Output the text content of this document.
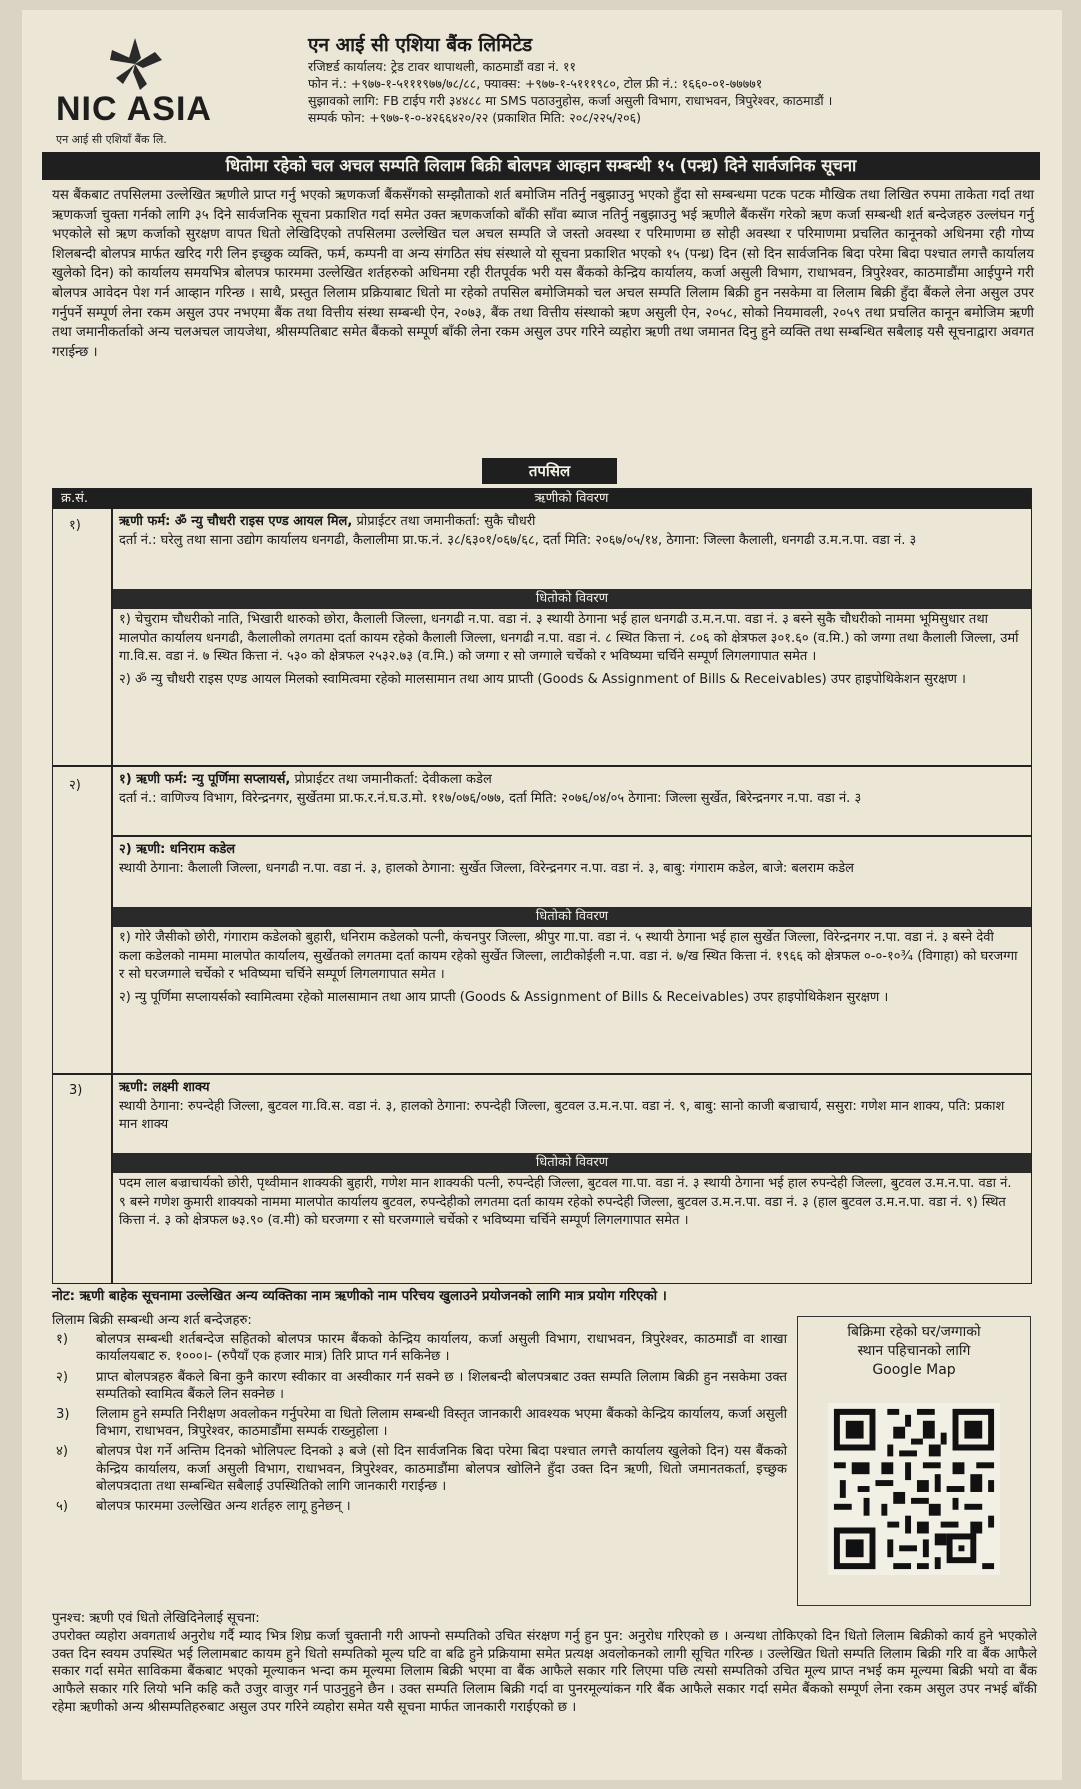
NIC ASIA
एन आई सी एशियाँ बैंक लि.
एन आई सी एशिया बैंक लिमिटेड
रजिष्टर्ड कार्यालय: ट्रेड टावर थापाथली, काठमाडौं वडा नं. ११
फोन नं.: +९७७-१-५१११९७७/७८/८८, फ्याक्स: +९७७-१-५१११९८०, टोल फ्री नं.: १६६०-०१-७७७७१
सुझावको लागि: FB टाईप गरी ३४४८८ मा SMS पठाउनुहोस, कर्जा असुली विभाग, राधाभवन, त्रिपुरेश्वर, काठमाडौं ।
सम्पर्क फोन: +९७७-१-०-४२६६४२०/२२ (प्रकाशित मिति: २०८/२२५/२०६)
धितोमा रहेको चल अचल सम्पति लिलाम बिक्री बोलपत्र आव्हान सम्बन्धी १५ (पन्ध्र) दिने सार्वजनिक सूचना
यस बैंकबाट तपसिलमा उल्लेखित ऋणीले प्राप्त गर्नु भएको ऋणकर्जा बैंकसँगको सम्झौताको शर्त बमोजिम नतिर्नु नबुझाउनु भएको हुँदा सो सम्बन्धमा पटक पटक मौखिक तथा लिखित रुपमा ताकेता गर्दा तथा ऋणकर्जा चुक्ता गर्नको लागि ३५ दिने सार्वजनिक सूचना प्रकाशित गर्दा समेत उक्त ऋणकर्जाको बाँकी साँवा ब्याज नतिर्नु नबुझाउनु भई ऋणीले बैंकसँग गरेको ऋण कर्जा सम्बन्धी शर्त बन्देजहरु उल्लंघन गर्नु भएकोले सो ऋण कर्जाको सुरक्षण वापत धितो लेखिदिएको तपसिलमा उल्लेखित चल अचल सम्पति जे जस्तो अवस्था र परिमाणमा छ सोही अवस्था र परिमाणमा प्रचलित कानूनको अधिनमा रही गोप्य शिलबन्दी बोलपत्र मार्फत खरिद गरी लिन इच्छुक व्यक्ति, फर्म, कम्पनी वा अन्य संगठित संघ संस्थाले यो सूचना प्रकाशित भएको १५ (पन्ध्र) दिन (सो दिन सार्वजनिक बिदा परेमा बिदा पश्चात लगत्तै कार्यालय खुलेको दिन) को कार्यालय समयभित्र बोलपत्र फारममा उल्लेखित शर्तहरुको अधिनमा रही रीतपूर्वक भरी यस बैंकको केन्द्रिय कार्यालय, कर्जा असुली विभाग, राधाभवन, त्रिपुरेश्वर, काठमाडौंमा आईपुग्ने गरी बोलपत्र आवेदन पेश गर्न आव्हान गरिन्छ । साथै, प्रस्तुत लिलाम प्रक्रियाबाट धितो मा रहेको तपसिल बमोजिमको चल अचल सम्पति लिलाम बिक्री हुन नसकेमा वा लिलाम बिक्री हुँदा बैंकले लेना असुल उपर गर्नुपर्ने सम्पूर्ण लेना रकम असुल उपर नभएमा बैंक तथा वित्तीय संस्था सम्बन्धी ऐन, २०७३, बैंक तथा वित्तीय संस्थाको ऋण असुली ऐन, २०५८, सोको नियमावली, २०५९ तथा प्रचलित कानून बमोजिम ऋणी तथा जमानीकर्ताको अन्य चलअचल जायजेथा, श्रीसम्पतिबाट समेत बैंकको सम्पूर्ण बाँकी लेना रकम असुल उपर गरिने व्यहोरा ऋणी तथा जमानत दिनु हुने व्यक्ति तथा सम्बन्धित सबैलाइ यसै सूचनाद्वारा अवगत गराईन्छ ।
तपसिल
क्र.सं.	ऋणीको विवरण
१)	ऋणी फर्म: ॐ न्यु चौधरी राइस एण्ड आयल मिल, प्रोप्राईटर तथा जमानीकर्ता: सुकै चौधरी
दर्ता नं.: घरेलु तथा साना उद्योग कार्यालय धनगढी, कैलालीमा प्रा.फ.नं. ३८/६३०१/०६७/६८, दर्ता मिति: २०६७/०५/१४, ठेगाना: जिल्ला कैलाली, धनगढी उ.म.न.पा. वडा नं. ३
धितोको विवरण
१) चेचुराम चौधरीको नाति, भिखारी थारुको छोरा, कैलाली जिल्ला, धनगढी न.पा. वडा नं. ३ स्थायी ठेगाना भई हाल धनगढी उ.म.न.पा. वडा नं. ३ बस्ने सुकै चौधरीको नाममा भूमिसुधार तथा मालपोत कार्यालय धनगढी, कैलालीको लगतमा दर्ता कायम रहेको कैलाली जिल्ला, धनगढी न.पा. वडा नं. ८ स्थित कित्ता नं. ८०६ को क्षेत्रफल ३०१.६० (व.मि.) को जग्गा तथा कैलाली जिल्ला, उर्मा गा.वि.स. वडा नं. ७ स्थित कित्ता नं. ५३० को क्षेत्रफल २५३२.७३ (व.मि.) को जग्गा र सो जग्गाले चर्चेको र भविष्यमा चर्चिने सम्पूर्ण लिगलगापात समेत ।
२) ॐ न्यु चौधरी राइस एण्ड आयल मिलको स्वामित्वमा रहेको मालसामान तथा आय प्राप्ती (Goods & Assignment of Bills & Receivables) उपर हाइपोथिकेशन सुरक्षण ।
२)	१) ऋणी फर्म: न्यु पूर्णिमा सप्लायर्स, प्रोप्राईटर तथा जमानीकर्ता: देवीकला कडेल
दर्ता नं.: वाणिज्य विभाग, विरेन्द्रनगर, सुर्खेतमा प्रा.फ.र.नं.घ.उ.मो. ११७/०७६/०७७, दर्ता मिति: २०७६/०४/०५ ठेगाना: जिल्ला सुर्खेत, बिरेन्द्रनगर न.पा. वडा नं. ३
२) ऋणी: धनिराम कडेल
स्थायी ठेगाना: कैलाली जिल्ला, धनगढी न.पा. वडा नं. ३, हालको ठेगाना: सुर्खेत जिल्ला, विरेन्द्रनगर न.पा. वडा नं. ३, बाबु: गंगाराम कडेल, बाजे: बलराम कडेल
धितोको विवरण
१) गोरे जैसीको छोरी, गंगाराम कडेलको बुहारी, धनिराम कडेलको पत्नी, कंचनपुर जिल्ला, श्रीपुर गा.पा. वडा नं. ५ स्थायी ठेगाना भई हाल सुर्खेत जिल्ला, विरेन्द्रनगर न.पा. वडा नं. ३ बस्ने देवी कला कडेलको नाममा मालपोत कार्यालय, सुर्खेतको लगतमा दर्ता कायम रहेको सुर्खेत जिल्ला, लाटीकोईली न.पा. वडा नं. ७/ख स्थित कित्ता नं. १९६६ को क्षेत्रफल ०-०-१०³⁄₄ (विगाहा) को घरजग्गा र सो घरजग्गाले चर्चेको र भविष्यमा चर्चिने सम्पूर्ण लिगलगापात समेत ।
२) न्यु पूर्णिमा सप्लायर्सको स्वामित्वमा रहेको मालसामान तथा आय प्राप्ती (Goods & Assignment of Bills & Receivables) उपर हाइपोथिकेशन सुरक्षण ।
3)	ऋणी: लक्ष्मी शाक्य
स्थायी ठेगाना: रुपन्देही जिल्ला, बुटवल गा.वि.स. वडा नं. ३, हालको ठेगाना: रुपन्देही जिल्ला, बुटवल उ.म.न.पा. वडा नं. ९, बाबु: सानो काजी बज्राचार्य, ससुरा: गणेश मान शाक्य, पति: प्रकाश मान शाक्य
धितोको विवरण
पदम लाल बज्राचार्यको छोरी, पृथ्वीमान शाक्यकी बुहारी, गणेश मान शाक्यकी पत्नी, रुपन्देही जिल्ला, बुटवल गा.पा. वडा नं. ३ स्थायी ठेगाना भई हाल रुपन्देही जिल्ला, बुटवल उ.म.न.पा. वडा नं. ९ बस्ने गणेश कुमारी शाक्यको नाममा मालपोत कार्यालय बुटवल, रुपन्देहीको लगतमा दर्ता कायम रहेको रुपन्देही जिल्ला, बुटवल उ.म.न.पा. वडा नं. ३ (हाल बुटवल उ.म.न.पा. वडा नं. ९) स्थित कित्ता नं. ३ को क्षेत्रफल ७३.९० (व.मी) को घरजग्गा र सो घरजग्गाले चर्चेको र भविष्यमा चर्चिने सम्पूर्ण लिगलगापात समेत ।
नोट: ऋणी बाहेक सूचनामा उल्लेखित अन्य व्यक्तिका नाम ऋणीको नाम परिचय खुलाउने प्रयोजनको लागि मात्र प्रयोग गरिएको ।
लिलाम बिक्री सम्बन्धी अन्य शर्त बन्देजहरु:
१) बोलपत्र सम्बन्धी शर्तबन्देज सहितको बोलपत्र फारम बैंकको केन्द्रिय कार्यालय, कर्जा असुली विभाग, राधाभवन, त्रिपुरेश्वर, काठमाडौं वा शाखा कार्यालयबाट रु. १०००।- (रुपैयाँ एक हजार मात्र) तिरि प्राप्त गर्न सकिनेछ ।
२) प्राप्त बोलपत्रहरु बैंकले बिना कुनै कारण स्वीकार वा अस्वीकार गर्न सक्ने छ । शिलबन्दी बोलपत्रबाट उक्त सम्पति लिलाम बिक्री हुन नसकेमा उक्त सम्पतिको स्वामित्व बैंकले लिन सक्नेछ ।
3) लिलाम हुने सम्पति निरीक्षण अवलोकन गर्नुपरेमा वा धितो लिलाम सम्बन्धी विस्तृत जानकारी आवश्यक भएमा बैंकको केन्द्रिय कार्यालय, कर्जा असुली विभाग, राधाभवन, त्रिपुरेश्वर, काठमाडौंमा सम्पर्क राख्नुहोला ।
४) बोलपत्र पेश गर्ने अन्तिम दिनको भोलिपल्ट दिनको ३ बजे (सो दिन सार्वजनिक बिदा परेमा बिदा पश्चात लगत्तै कार्यालय खुलेको दिन) यस बैंकको केन्द्रिय कार्यालय, कर्जा असुली विभाग, राधाभवन, त्रिपुरेश्वर, काठमाडौंमा बोलपत्र खोलिने हुँदा उक्त दिन ऋणी, धितो जमानतकर्ता, इच्छुक बोलपत्रदाता तथा सम्बन्धित सबैलाई उपस्थितिको लागि जानकारी गराईन्छ ।
५) बोलपत्र फारममा उल्लेखित अन्य शर्तहरु लागू हुनेछन् ।
बिक्रिमा रहेको घर/जग्गाको
स्थान पहिचानको लागि
Google Map
पुनश्च: ऋणी एवं धितो लेखिदिनेलाई सूचना:
उपरोक्त व्यहोरा अवगतार्थ अनुरोध गर्दै म्याद भित्र शिघ्र कर्जा चुक्तानी गरी आफ्नो सम्पतिको उचित संरक्षण गर्नु हुन पुन: अनुरोध गरिएको छ । अन्यथा तोकिएको दिन धितो लिलाम बिक्रीको कार्य हुने भएकोले उक्त दिन स्वयम उपस्थित भई लिलामबाट कायम हुने धितो सम्पतिको मूल्य घटि वा बढि हुने प्रक्रियामा समेत प्रत्यक्ष अवलोकनको लागी सूचित गरिन्छ । उल्लेखित धितो सम्पति लिलाम बिक्री गरि वा बैंक आफैले सकार गर्दा समेत साविकमा बैंकबाट भएको मूल्याकन भन्दा कम मूल्यमा लिलाम बिक्री भएमा वा बैंक आफैले सकार गरि लिएमा पछि त्यसो सम्पतिको उचित मूल्य प्राप्त नभई कम मूल्यमा बिक्री भयो वा बैंक आफैले सकार गरि लियो भनि कहि कतै उजुर वाजुर गर्न पाउनुहुने छैन । उक्त सम्पति लिलाम बिक्री गर्दा वा पुनरमूल्यांकन गरि बैंक आफैले सकार गर्दा समेत बैंकको सम्पूर्ण लेना रकम असुल उपर नभई बाँकी रहेमा ऋणीको अन्य श्रीसम्पतिहरुबाट असुल उपर गरिने व्यहोरा समेत यसै सूचना मार्फत जानकारी गराईएको छ ।
